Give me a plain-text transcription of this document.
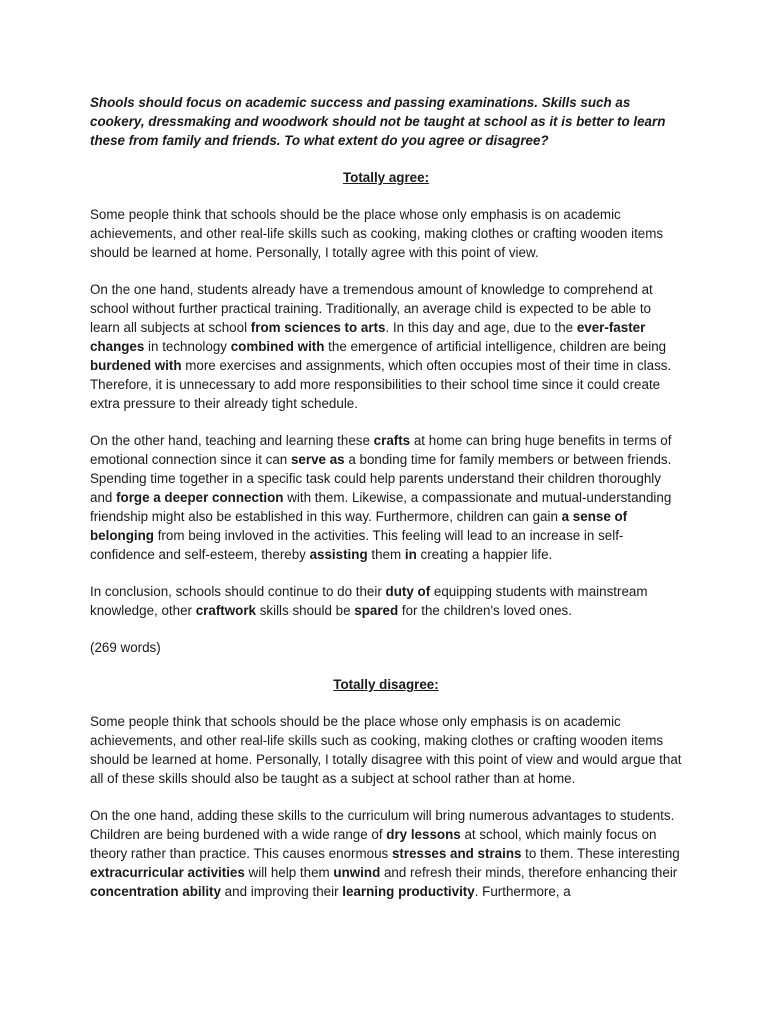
Shools should focus on academic success and passing examinations. Skills such as cookery, dressmaking and woodwork should not be taught at school as it is better to learn these from family and friends. To what extent do you agree or disagree?

Totally agree:

Some people think that schools should be the place whose only emphasis is on academic achievements, and other real-life skills such as cooking, making clothes or crafting wooden items should be learned at home. Personally, I totally agree with this point of view.

On the one hand, students already have a tremendous amount of knowledge to comprehend at school without further practical training. Traditionally, an average child is expected to be able to learn all subjects at school from sciences to arts. In this day and age, due to the ever-faster changes in technology combined with the emergence of artificial intelligence, children are being burdened with more exercises and assignments, which often occupies most of their time in class. Therefore, it is unnecessary to add more responsibilities to their school time since it could create extra pressure to their already tight schedule.

On the other hand, teaching and learning these crafts at home can bring huge benefits in terms of emotional connection since it can serve as a bonding time for family members or between friends. Spending time together in a specific task could help parents understand their children thoroughly and forge a deeper connection with them. Likewise, a compassionate and mutual-understanding friendship might also be established in this way. Furthermore, children can gain a sense of belonging from being invloved in the activities. This feeling will lead to an increase in self-confidence and self-esteem, thereby assisting them in creating a happier life.

In conclusion, schools should continue to do their duty of equipping students with mainstream knowledge, other craftwork skills should be spared for the children's loved ones.

(269 words)

Totally disagree:

Some people think that schools should be the place whose only emphasis is on academic achievements, and other real-life skills such as cooking, making clothes or crafting wooden items should be learned at home. Personally, I totally disagree with this point of view and would argue that all of these skills should also be taught as a subject at school rather than at home.

On the one hand, adding these skills to the curriculum will bring numerous advantages to students. Children are being burdened with a wide range of dry lessons at school, which mainly focus on theory rather than practice. This causes enormous stresses and strains to them. These interesting extracurricular activities will help them unwind and refresh their minds, therefore enhancing their concentration ability and improving their learning productivity. Furthermore, a
